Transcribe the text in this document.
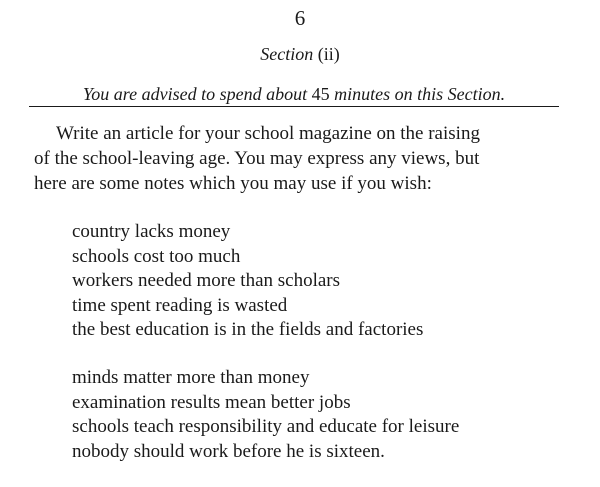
6
Section (ii)
You are advised to spend about 45 minutes on this Section.

Write an article for your school magazine on the raising

of the school-leaving age. You may express any views, but

here are some notes which you may use if you wish:

country lacks money
schools cost too much
workers needed more than scholars
time spent reading is wasted
the best education is in the fields and factories
minds matter more than money
examination results mean better jobs
schools teach responsibility and educate for leisure
nobody should work before he is sixteen.
